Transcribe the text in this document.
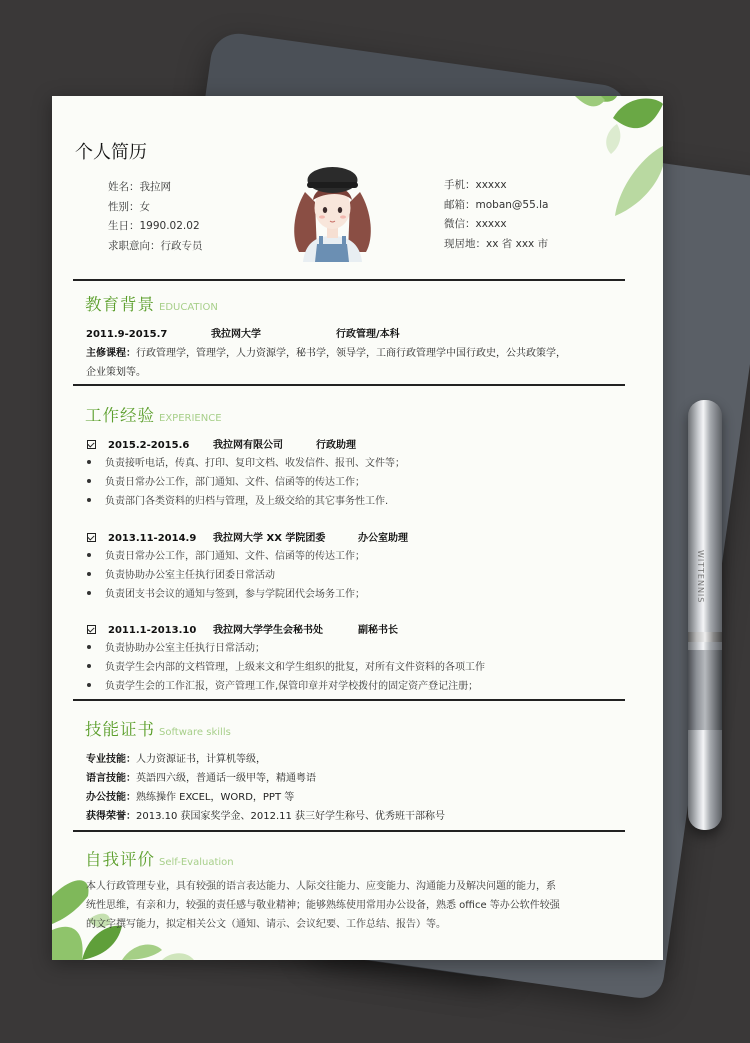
WITTENNIS
个人简历
姓名：我拉网
性别：女
生日：1990.02.02
求职意向：行政专员
手机：xxxxx
邮箱：moban@55.la
微信：xxxxx
现居地：xx 省 xxx 市
教育背景 EDUCATION
2011.9-2015.7	我拉网大学	行政管理/本科
主修课程：行政管理学，管理学，人力资源学，秘书学，领导学，工商行政管理学中国行政史，公共政策学，
企业策划等。
工作经验 EXPERIENCE
2015.2-2015.6 我拉网有限公司	行政助理
负责接听电话，传真、打印、复印文档、收发信件、报刊、文件等；
负责日常办公工作，部门通知、文件、信函等的传达工作；
负责部门各类资料的归档与管理，及上级交给的其它事务性工作.
2013.11-2014.9 我拉网大学 XX 学院团委	办公室助理
负责日常办公工作，部门通知、文件、信函等的传达工作；
负责协助办公室主任执行团委日常活动
负责团支书会议的通知与签到，参与学院团代会场务工作；
2011.1-2013.10 我拉网大学学生会秘书处	副秘书长
负责协助办公室主任执行日常活动；
负责学生会内部的文档管理，上级来文和学生组织的批复，对所有文件资料的各项工作
负责学生会的工作汇报，资产管理工作,保管印章并对学校拨付的固定资产登记注册；
技能证书 Software skills
专业技能：人力资源证书，计算机等级，
语言技能：英語四六级，普通话一级甲等，精通粤语
办公技能：熟练操作 EXCEL，WORD，PPT 等
获得荣誉：2013.10 获国家奖学金、2012.11 获三好学生称号、优秀班干部称号
自我评价 Self-Evaluation
本人行政管理专业，具有较强的语言表达能力、人际交往能力、应变能力、沟通能力及解决问题的能力，系
统性思维，有亲和力，较强的责任感与敬业精神；能够熟练使用常用办公设备，熟悉 office 等办公软件较强
的文字撰写能力，拟定相关公文（通知、请示、会议纪要、工作总结、报告）等。
